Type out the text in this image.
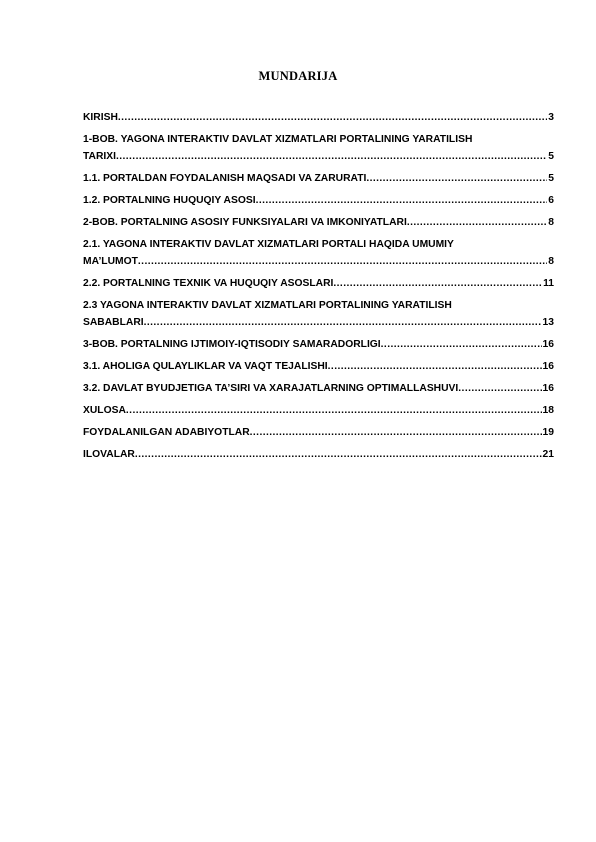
MUNDARIJA
KIRISH .....	3
1-BOB. YAGONA INTERAKTIV DAVLAT XIZMATLARI PORTALINING YARATILISH
TARIXI .....	5
1.1. PORTALDAN FOYDALANISH MAQSADI VA ZARURATI .....	5
1.2. PORTALNING HUQUQIY ASOSI .....	6
2-BOB. PORTALNING ASOSIY FUNKSIYALARI VA IMKONIYATLARI .....	8
2.1. YAGONA INTERAKTIV DAVLAT XIZMATLARI PORTALI HAQIDA UMUMIY
MA’LUMOT .....	8
2.2. PORTALNING TEXNIK VA HUQUQIY ASOSLARI .....	11
2.3 YAGONA INTERAKTIV DAVLAT XIZMATLARI PORTALINING YARATILISH
SABABLARI .....	13
3-BOB. PORTALNING IJTIMOIY-IQTISODIY SAMARADORLIGI .....	16
3.1. AHOLIGA QULAYLIKLAR VA VAQT TEJALISHI .....	16
3.2. DAVLAT BYUDJETIGA TA’SIRI VA XARAJATLARNING OPTIMALLASHUVI .....	16
XULOSA .....	18
FOYDALANILGAN ADABIYOTLAR .....	19
ILOVALAR .....	21
